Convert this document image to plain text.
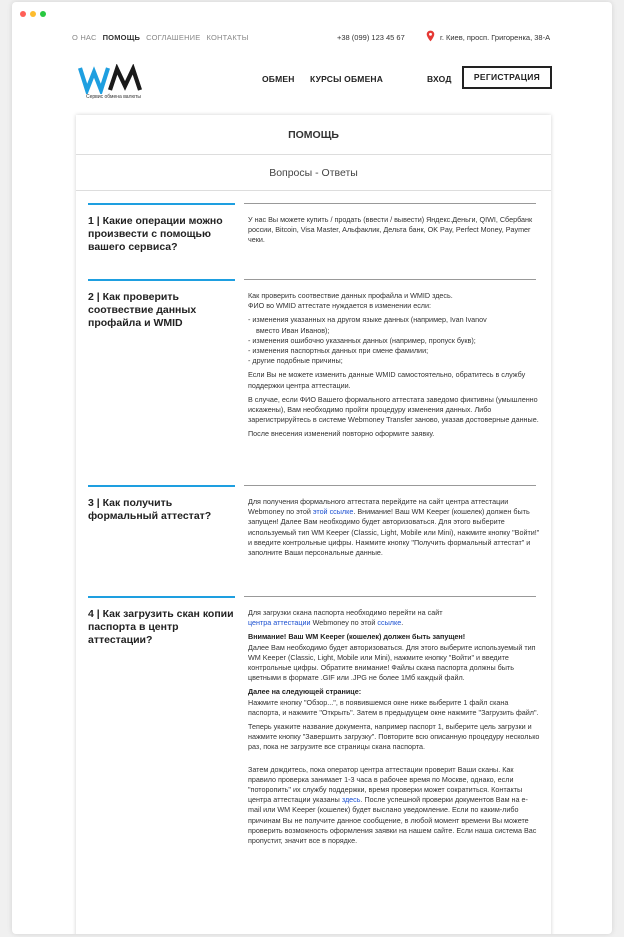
О НАС ПОМОЩЬ СОГЛАШЕНИЕ КОНТАКТЫ	+38 (099) 123 45 67	г. Киев, просп. Григоренка, 38-А
Сервис обмена валюты
ОБМЕН КУРСЫ ОБМЕНА	ВХОД	РЕГИСТРАЦИЯ
ПОМОЩЬ
Вопросы - Ответы
1 | Какие операции можно произвести с помощью вашего сервиса?

У нас Вы можете купить / продать (ввести / вывести) Яндекс.Деньги, QIWI, Сбербанк россии, Bitcoin, Visa Master, Альфаклик, Дельта банк, OK Pay, Perfect Money, Paymer чеки.

2 | Как проверить соотвествие данных профайла и WMID

Как проверить соотвествие данных профайла и WMID здесь.

ФИО во WMID аттестате нуждается в изменении если:

- изменения указанных на другом языке данных (например, Ivan Ivanov
вместо Иван Иванов);
- изменения ошибочно указанных данных (например, пропуск букв);
- изменения паспортных данных при смене фамилии;
- другие подобные причины;

Если Вы не можете изменить данные WMID самостоятельно, обратитесь в службу поддержки центра аттестации.

В случае, если ФИО Вашего формального аттестата заведомо фиктивны (умышленно искажены), Вам необходимо пройти процедуру изменения данных. Либо зарегистрируйтесь в системе Webmoney Transfer заново, указав достоверные данные.

После внесения изменений повторно оформите заявку.

3 | Как получить формальный аттестат?

Для получения формального аттестата перейдите на сайт центра аттестации Webmoney по этой этой ссылке. Внимание! Ваш WM Keeper (кошелек) должен быть запущен! Далее Вам необходимо будет авторизоваться. Для этого выберите используемый тип WM Keeper (Classic, Light, Mobile или Mini), нажмите кнопку "Войти!" и введите контрольные цифры. Нажмите кнопку "Получить формальный аттестат" и заполните Ваши персональные данные.

4 | Как загрузить скан копии паспорта в центр аттестации?

Для загрузки скана паспорта необходимо перейти на сайт
центра аттестации Webmoney по этой ссылке.

Внимание! Ваш WM Keeper (кошелек) должен быть запущен!

Далее Вам необходимо будет авторизоваться. Для этого выберите используемый тип WM Keeper (Classic, Light, Mobile или Mini), нажмите кнопку "Войти" и введите контрольные цифры. Обратите внимание! Файлы скана паспорта должны быть цветными в формате .GIF или .JPG не более 1Мб каждый файл.

Далее на следующей странице:

Нажмите кнопку "Обзор...", в появившемся окне ниже выберите 1 файл скана паспорта, и нажмите "Открыть". Затем в предыдущем окне нажмите "Загрузить файл".

Теперь укажите название документа, например паспорт 1, выберите цель загрузки и нажмите кнопку "Завершить загрузку". Повторите всю описанную процедуру несколько раз, пока не загрузите все страницы скана паспорта.

Затем дождитесь, пока оператор центра аттестации проверит Ваши сканы. Как правило проверка занимает 1-3 часа в рабочее время по Москве, однако, если "поторопить" их службу поддержки, время проверки может сократиться. Контакты центра аттестации указаны здесь. После успешной проверки документов Вам на e-mail или WM Keeper (кошелек) будет выслано уведомление. Если по каким-либо причинам Вы не получите данное сообщение, в любой момент времени Вы можете проверить возможность оформления заявки на нашем сайте. Если наша система Вас пропустит, значит все в порядке.
